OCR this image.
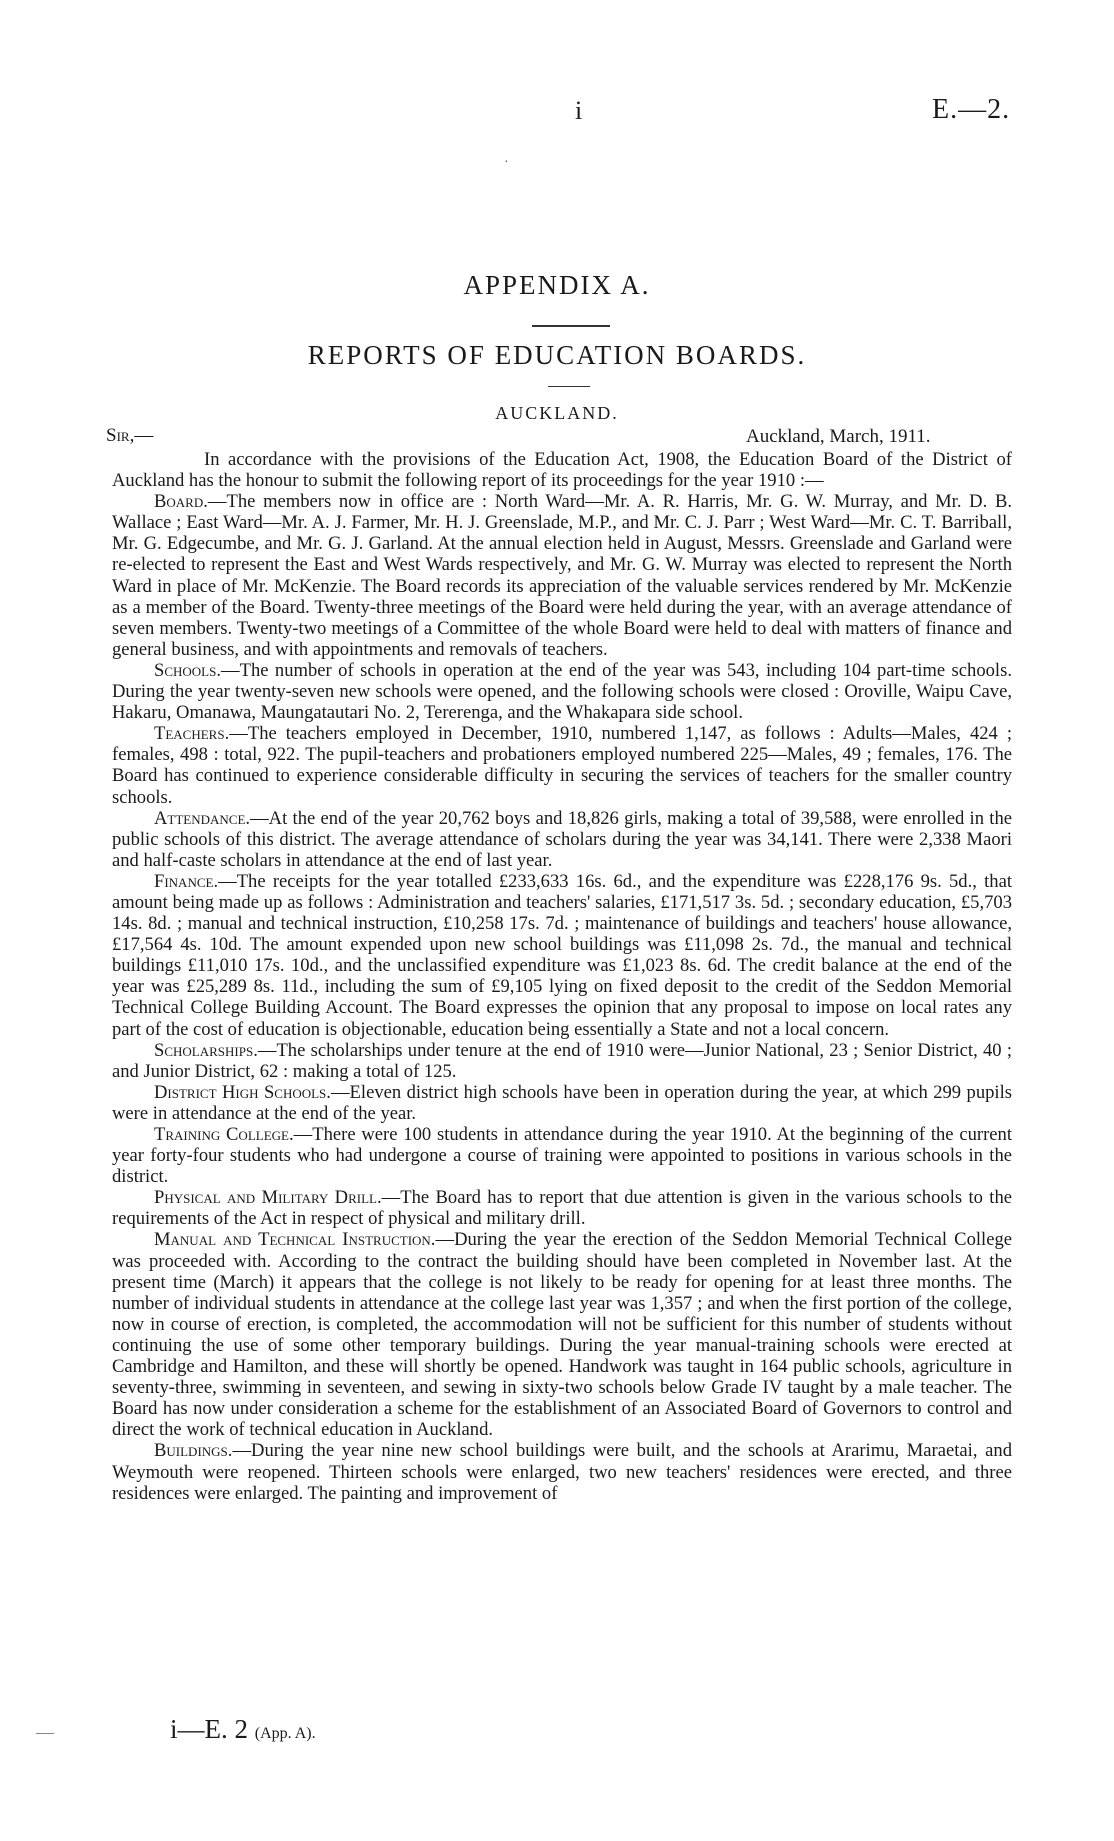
i	E.—2.
·
APPENDIX A.
REPORTS OF EDUCATION BOARDS.
AUCKLAND.
Sir,—	Auckland, March, 1911.

In accordance with the provisions of the Education Act, 1908, the Education Board of the District of Auckland has the honour to submit the following report of its proceedings for the year 1910 :—

Board.—The members now in office are : North Ward—Mr. A. R. Harris, Mr. G. W. Murray, and Mr. D. B. Wallace ; East Ward—Mr. A. J. Farmer, Mr. H. J. Greenslade, M.P., and Mr. C. J. Parr ; West Ward—Mr. C. T. Barriball, Mr. G. Edgecumbe, and Mr. G. J. Garland. At the annual election held in August, Messrs. Greenslade and Garland were re-elected to represent the East and West Wards respectively, and Mr. G. W. Murray was elected to represent the North Ward in place of Mr. McKenzie. The Board records its appreciation of the valuable services rendered by Mr. McKenzie as a member of the Board. Twenty-three meetings of the Board were held during the year, with an average attendance of seven members. Twenty-two meetings of a Committee of the whole Board were held to deal with matters of finance and general business, and with appointments and removals of teachers.

Schools.—The number of schools in operation at the end of the year was 543, including 104 part-time schools. During the year twenty-seven new schools were opened, and the following schools were closed : Oroville, Waipu Cave, Hakaru, Omanawa, Maungatautari No. 2, Tererenga, and the Whakapara side school.

Teachers.—The teachers employed in December, 1910, numbered 1,147, as follows : Adults—Males, 424 ; females, 498 : total, 922. The pupil-teachers and probationers employed numbered 225—Males, 49 ; females, 176. The Board has continued to experience considerable difficulty in securing the services of teachers for the smaller country schools.

Attendance.—At the end of the year 20,762 boys and 18,826 girls, making a total of 39,588, were enrolled in the public schools of this district. The average attendance of scholars during the year was 34,141. There were 2,338 Maori and half-caste scholars in attendance at the end of last year.

Finance.—The receipts for the year totalled £233,633 16s. 6d., and the expenditure was £228,176 9s. 5d., that amount being made up as follows : Administration and teachers' salaries, £171,517 3s. 5d. ; secondary education, £5,703 14s. 8d. ; manual and technical instruction, £10,258 17s. 7d. ; maintenance of buildings and teachers' house allowance, £17,564 4s. 10d. The amount expended upon new school buildings was £11,098 2s. 7d., the manual and technical buildings £11,010 17s. 10d., and the unclassified expenditure was £1,023 8s. 6d. The credit balance at the end of the year was £25,289 8s. 11d., including the sum of £9,105 lying on fixed deposit to the credit of the Seddon Memorial Technical College Building Account. The Board expresses the opinion that any proposal to impose on local rates any part of the cost of education is objectionable, education being essentially a State and not a local concern.

Scholarships.—The scholarships under tenure at the end of 1910 were—Junior National, 23 ; Senior District, 40 ; and Junior District, 62 : making a total of 125.

District High Schools.—Eleven district high schools have been in operation during the year, at which 299 pupils were in attendance at the end of the year.

Training College.—There were 100 students in attendance during the year 1910. At the beginning of the current year forty-four students who had undergone a course of training were appointed to positions in various schools in the district.

Physical and Military Drill.—The Board has to report that due attention is given in the various schools to the requirements of the Act in respect of physical and military drill.

Manual and Technical Instruction.—During the year the erection of the Seddon Memorial Technical College was proceeded with. According to the contract the building should have been completed in November last. At the present time (March) it appears that the college is not likely to be ready for opening for at least three months. The number of individual students in attendance at the college last year was 1,357 ; and when the first portion of the college, now in course of erection, is completed, the accommodation will not be sufficient for this number of students without continuing the use of some other temporary buildings. During the year manual-training schools were erected at Cambridge and Hamilton, and these will shortly be opened. Handwork was taught in 164 public schools, agriculture in seventy-three, swimming in seventeen, and sewing in sixty-two schools below Grade IV taught by a male teacher. The Board has now under consideration a scheme for the establishment of an Associated Board of Governors to control and direct the work of technical education in Auckland.

Buildings.—During the year nine new school buildings were built, and the schools at Ararimu, Maraetai, and Weymouth were reopened. Thirteen schools were enlarged, two new teachers' residences were erected, and three residences were enlarged. The painting and improvement of

i—E. 2 (App. A).
